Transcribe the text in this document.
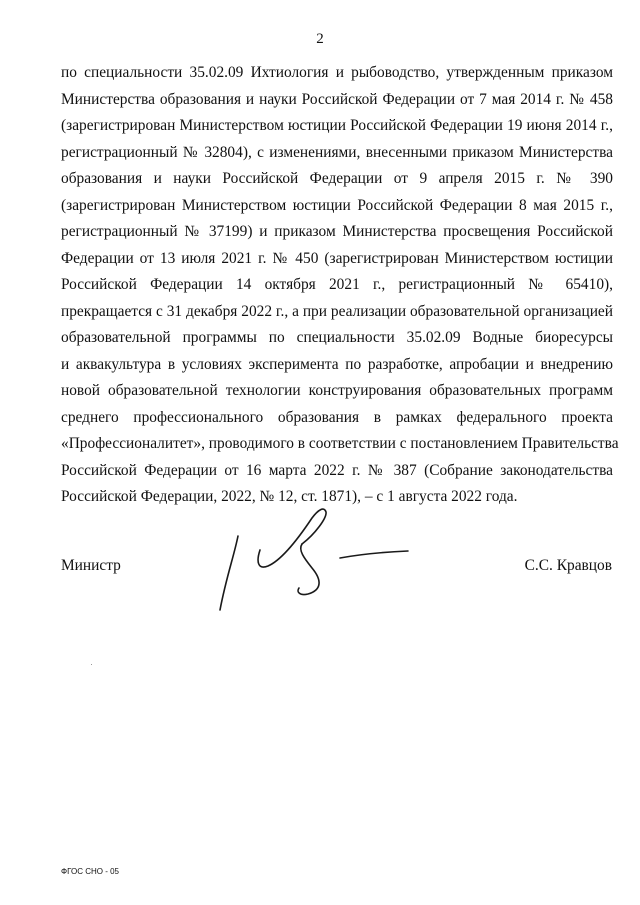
2
по специальности 35.02.09 Ихтиология и рыбоводство, утвержденным приказом
Министерства образования и науки Российской Федерации от 7 мая 2014 г. № 458
(зарегистрирован Министерством юстиции Российской Федерации 19 июня 2014 г.,
регистрационный № 32804), с изменениями, внесенными приказом Министерства
образования и науки Российской Федерации от 9 апреля 2015 г. № 390
(зарегистрирован Министерством юстиции Российской Федерации 8 мая 2015 г.,
регистрационный № 37199) и приказом Министерства просвещения Российской
Федерации от 13 июля 2021 г. № 450 (зарегистрирован Министерством юстиции
Российской Федерации 14 октября 2021 г., регистрационный № 65410),
прекращается с 31 декабря 2022 г., а при реализации образовательной организацией
образовательной программы по специальности 35.02.09 Водные биоресурсы
и аквакультура в условиях эксперимента по разработке, апробации и внедрению
новой образовательной технологии конструирования образовательных программ
среднего профессионального образования в рамках федерального проекта
«Профессионалитет», проводимого в соответствии с постановлением Правительства
Российской Федерации от 16 марта 2022 г. № 387 (Собрание законодательства
Российской Федерации, 2022, № 12, ст. 1871), – с 1 августа 2022 года.
Министр	С.С. Кравцов
ФГОС СНО - 05
